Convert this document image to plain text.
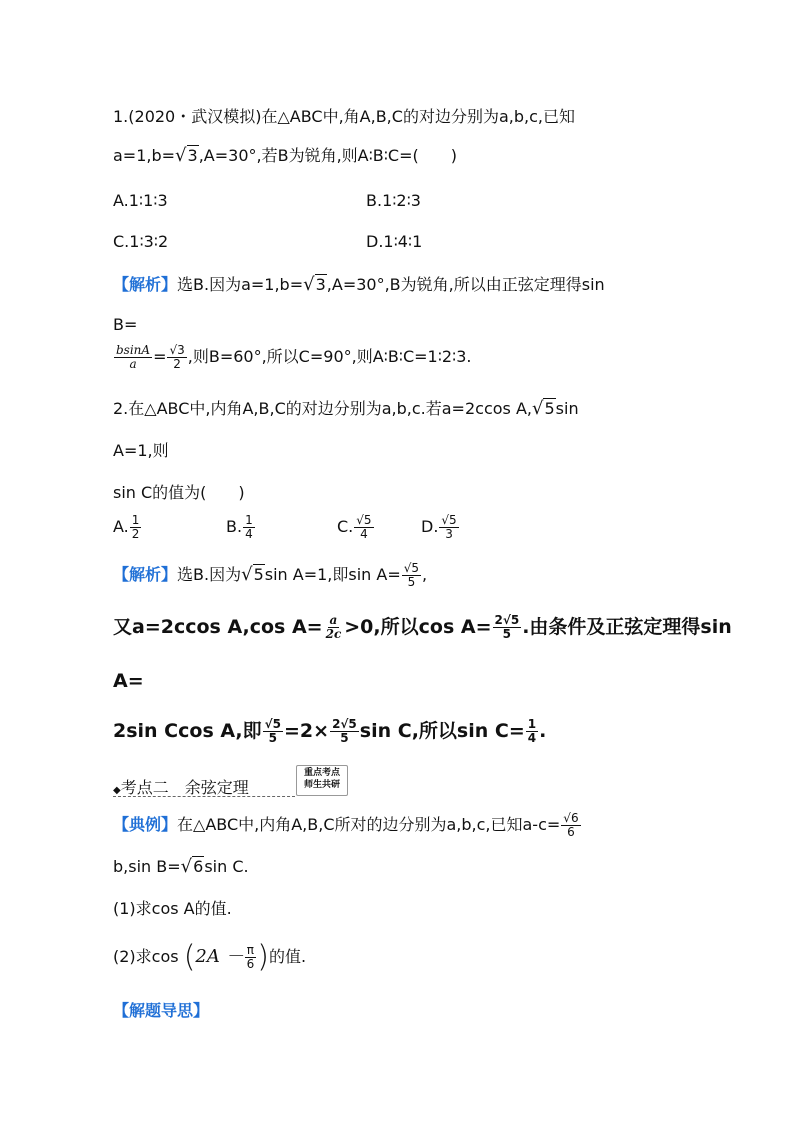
1.(2020・武汉模拟)在△ABC中,角A,B,C的对边分别为a,b,c,已知
a=1,b=√3,A=30°,若B为锐角,则A∶B∶C=(　　)
A.1∶1∶3	B.1∶2∶3
C.1∶3∶2	D.1∶4∶1
【解析】选B.因为a=1,b=√3,A=30°,B为锐角,所以由正弦定理得sin
B=
$\frac{bsinA}{a} = \frac{√3}{2}$ ,则B=60°,所以C=90°,则A∶B∶C=1∶2∶3.
2.在△ABC中,内角A,B,C的对边分别为a,b,c.若a=2ccos A,√5sin
A=1,则
sin C的值为(　　)
A. $\frac{1}{2}$	B. $\frac{1}{4}$	C. $\frac{√5}{4}$	D. $\frac{√5}{3}$
【解析】选B.因为√5sin A=1,即$\sin A= \frac{√5}{5}$ ,
又a=2ccos A,cos $A= \frac{a}{2c} >0$,所以$\cos A= \frac{2√5}{5}$ .由条件及正弦定理得sin
A=
2sin Ccos A,即 $\frac{√5}{5} =2\times \frac{2√5}{5}$ sin C,所以$\sin C= \frac{1}{4}$ .
◆考点二　余弦定理
重点考点
师生共研
【典例】在△ABC中,内角A,B,C所对的边分别为a,b,c,已知$a-c= \frac{√6}{6}$
b,sin B=√6sin C.
(1)求cos A的值.
(2)求$\cos (2A - \frac{\pi}{6}$ )的值.
【解题导思】
